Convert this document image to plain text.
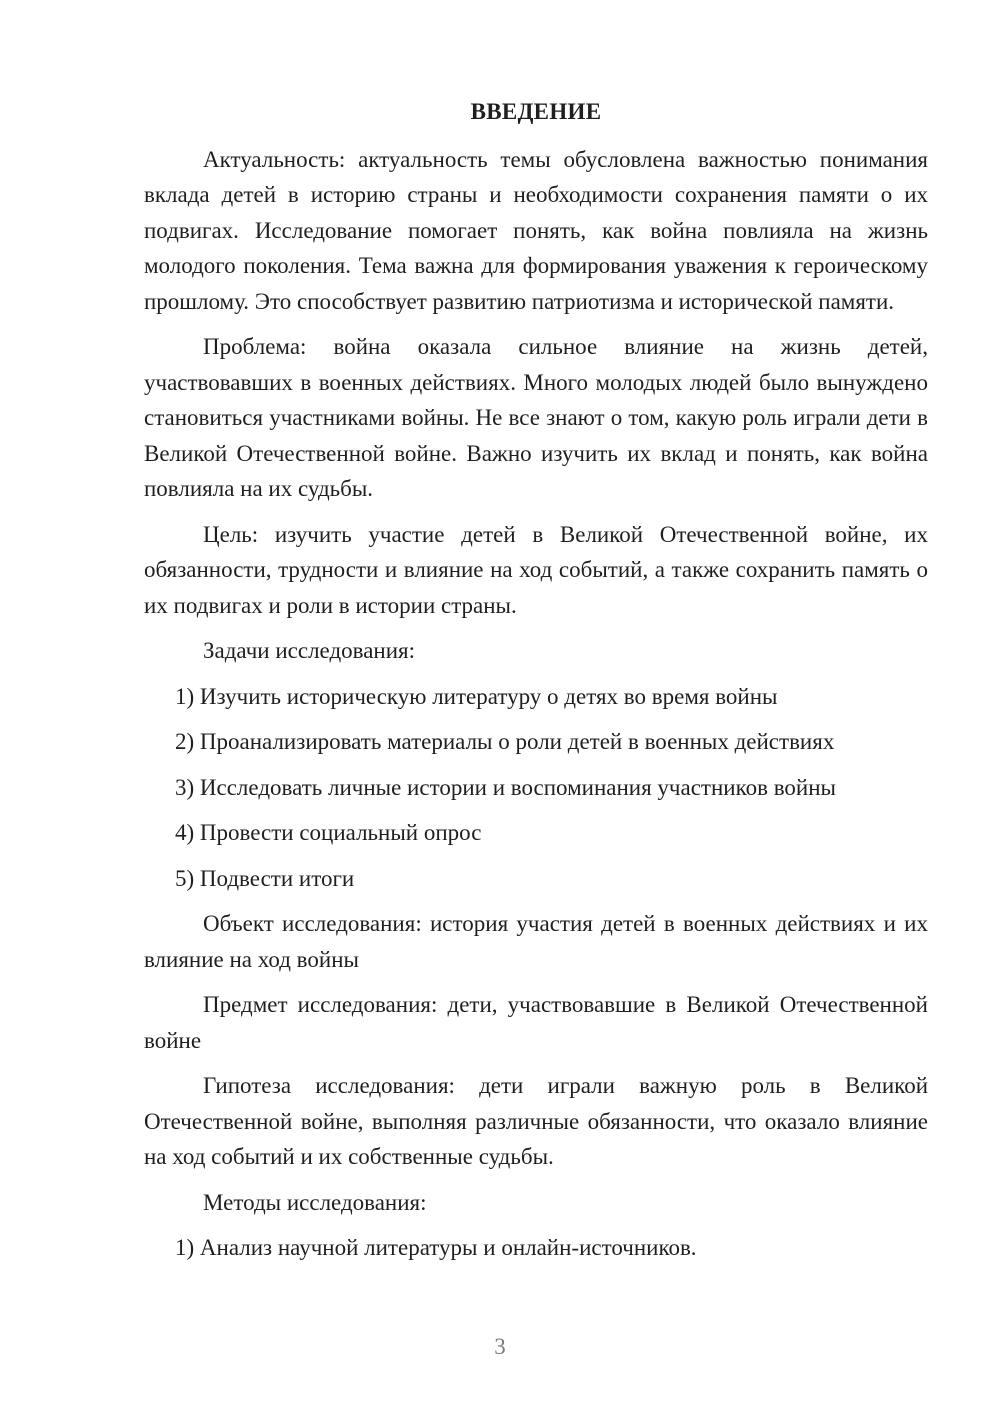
ВВЕДЕНИЕ
Актуальность: актуальность темы обусловлена важностью понимания вклада детей в историю страны и необходимости сохранения памяти о их подвигах. Исследование помогает понять, как война повлияла на жизнь молодого поколения. Тема важна для формирования уважения к героическому прошлому. Это способствует развитию патриотизма и исторической памяти.
Проблема: война оказала сильное влияние на жизнь детей, участвовавших в военных действиях. Много молодых людей было вынуждено становиться участниками войны. Не все знают о том, какую роль играли дети в Великой Отечественной войне. Важно изучить их вклад и понять, как война повлияла на их судьбы.
Цель: изучить участие детей в Великой Отечественной войне, их обязанности, трудности и влияние на ход событий, а также сохранить память о их подвигах и роли в истории страны.
Задачи исследования:
1) Изучить историческую литературу о детях во время войны
2) Проанализировать материалы о роли детей в военных действиях
3) Исследовать личные истории и воспоминания участников войны
4) Провести социальный опрос
5) Подвести итоги
Объект исследования: история участия детей в военных действиях и их влияние на ход войны
Предмет исследования: дети, участвовавшие в Великой Отечественной войне
Гипотеза исследования: дети играли важную роль в Великой Отечественной войне, выполняя различные обязанности, что оказало влияние на ход событий и их собственные судьбы.
Методы исследования:
1) Анализ научной литературы и онлайн-источников.
3
